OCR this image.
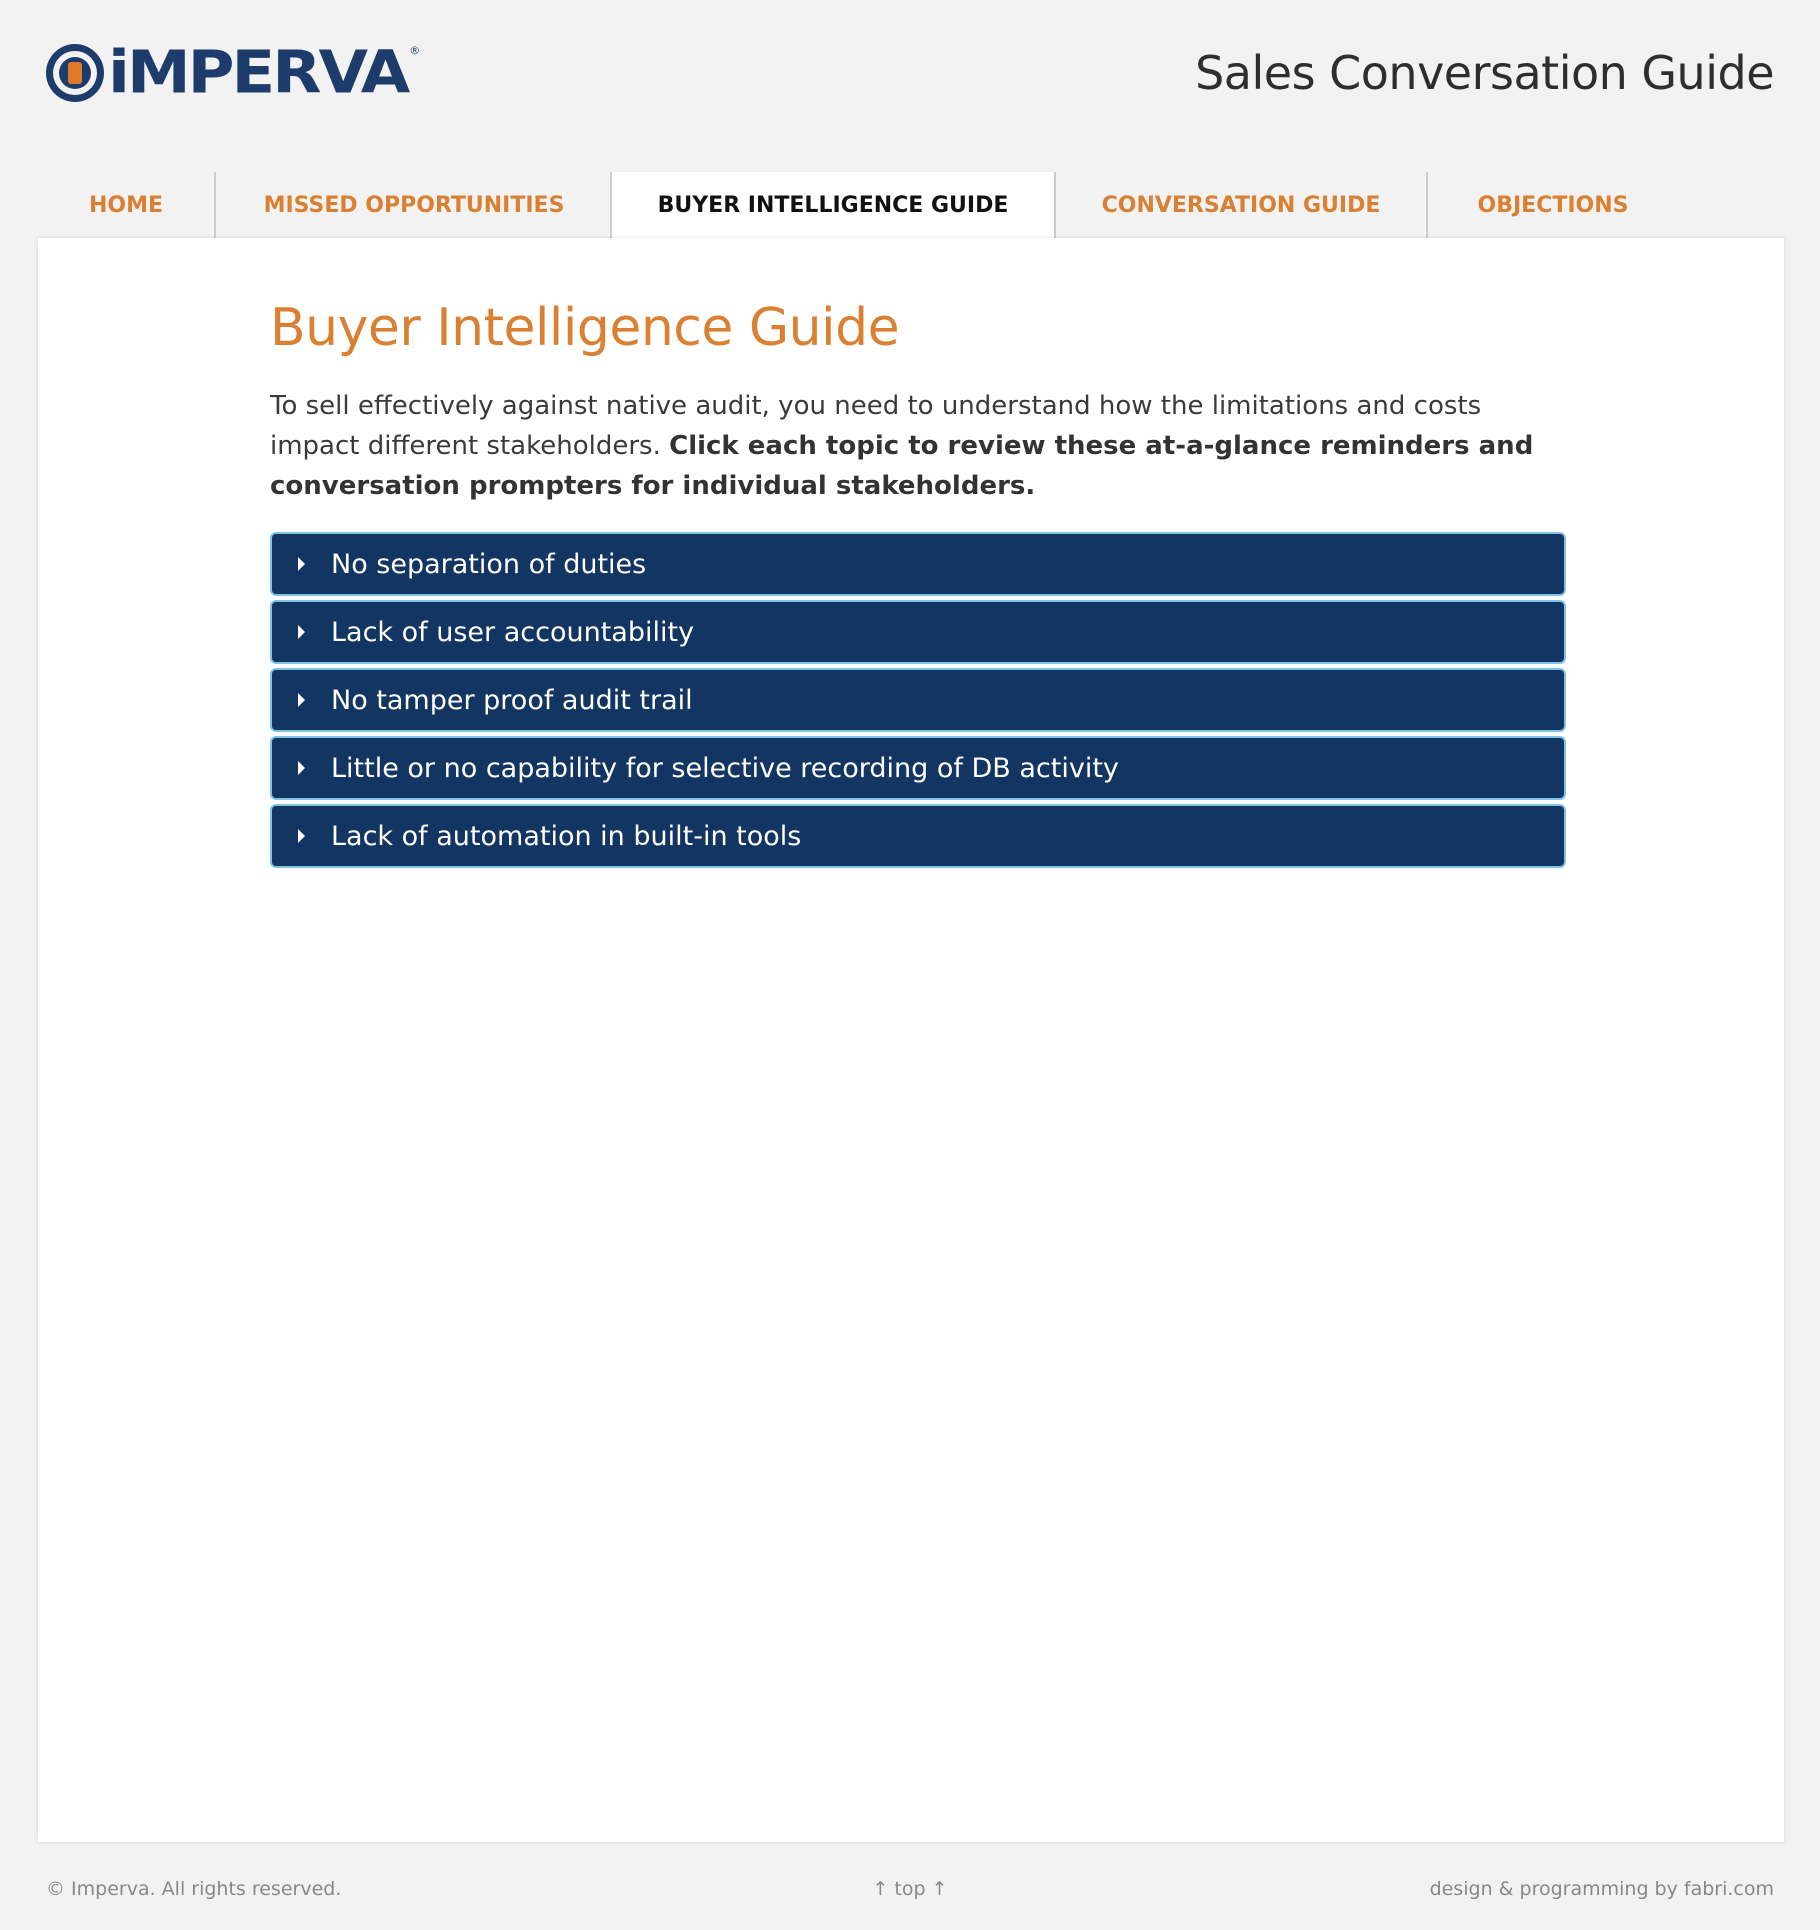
iMPERVA ®	Sales Conversation Guide
HOME	MISSED OPPORTUNITIES	BUYER INTELLIGENCE GUIDE	CONVERSATION GUIDE	OBJECTIONS
Buyer Intelligence Guide

To sell effectively against native audit, you need to understand how the limitations and costs impact different stakeholders. Click each topic to review these at-a-glance reminders and conversation prompters for individual stakeholders.

No separation of duties
Lack of user accountability
No tamper proof audit trail
Little or no capability for selective recording of DB activity
Lack of automation in built-in tools
© Imperva. All rights reserved.	↑ top ↑	design & programming by fabri.com
